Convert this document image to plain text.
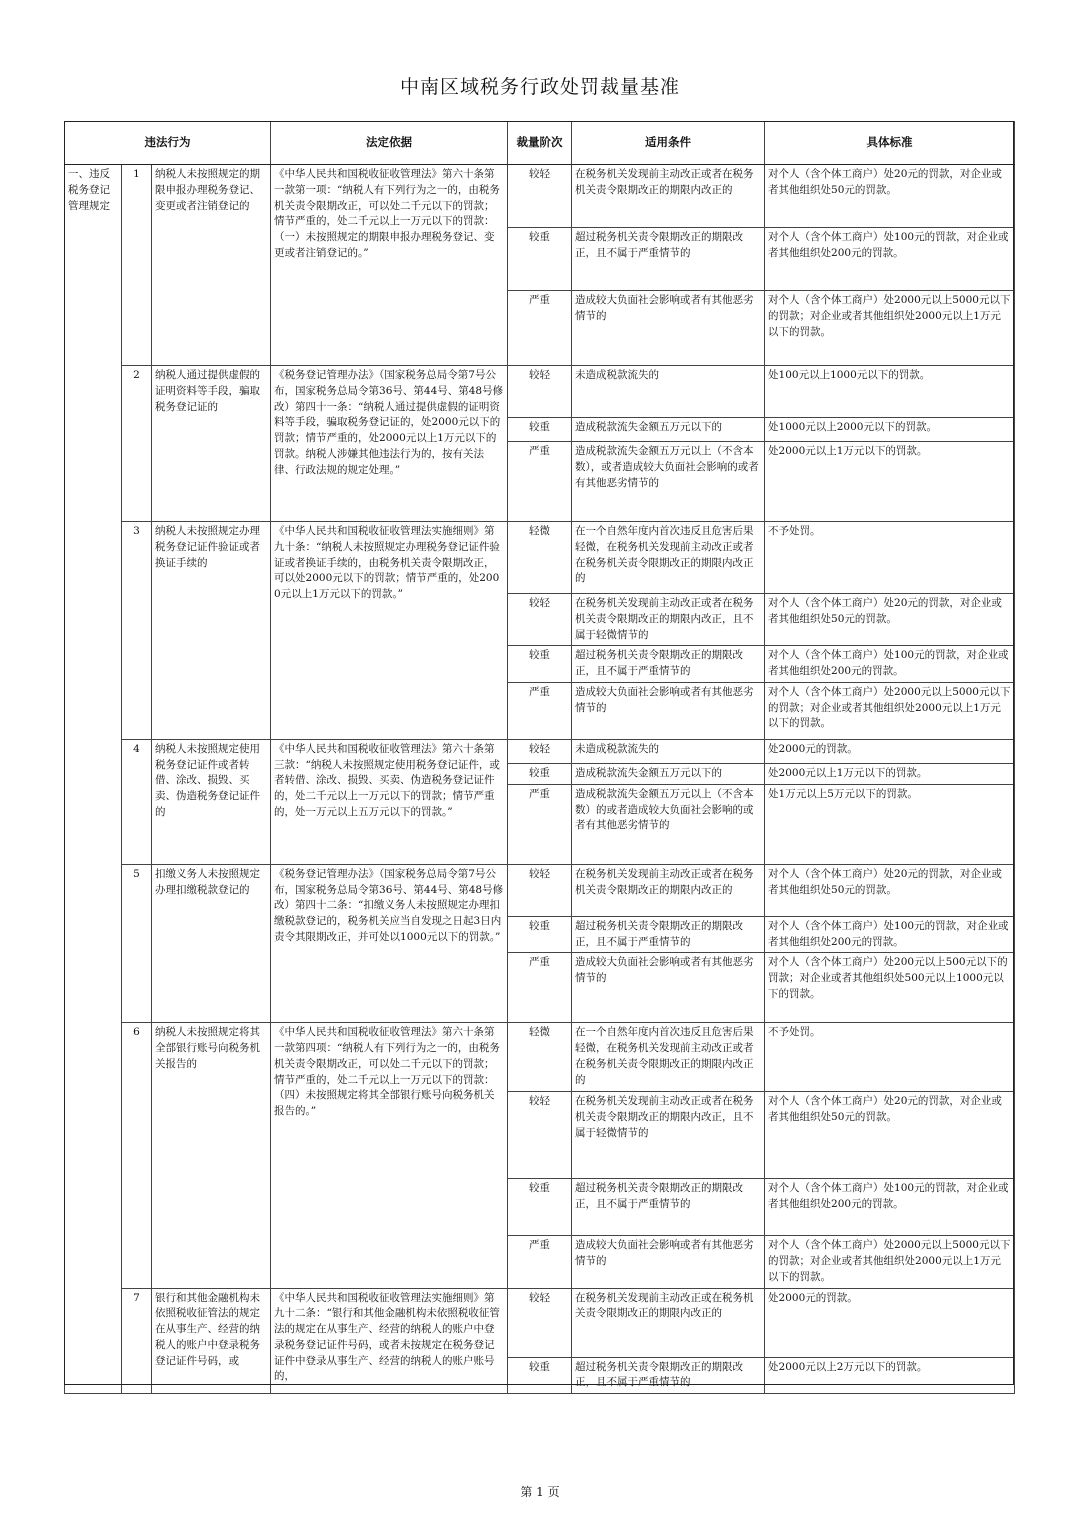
中南区域税务行政处罚裁量基准
违法行为			法定依据	裁量阶次	适用条件	具体标准
一、违反税务登记管理规定	1	纳税人未按照规定的期限申报办理税务登记、变更或者注销登记的	《中华人民共和国税收征收管理法》第六十条第一款第一项：“纳税人有下列行为之一的，由税务机关责令限期改正，可以处二千元以下的罚款；情节严重的，处二千元以上一万元以下的罚款：（一）未按照规定的期限申报办理税务登记、变更或者注销登记的。”	较轻	在税务机关发现前主动改正或者在税务机关责令限期改正的期限内改正的	对个人（含个体工商户）处20元的罚款，对企业或者其他组织处50元的罚款。
				较重	超过税务机关责令限期改正的期限改正，且不属于严重情节的	对个人（含个体工商户）处100元的罚款，对企业或者其他组织处200元的罚款。
				严重	造成较大负面社会影响或者有其他恶劣情节的	对个人（含个体工商户）处2000元以上5000元以下的罚款；对企业或者其他组织处2000元以上1万元以下的罚款。
	2	纳税人通过提供虚假的证明资料等手段，骗取税务登记证的	《税务登记管理办法》（国家税务总局令第7号公布，国家税务总局令第36号、第44号、第48号修改）第四十一条：“纳税人通过提供虚假的证明资料等手段，骗取税务登记证的，处2000元以下的罚款；情节严重的，处2000元以上1万元以下的罚款。纳税人涉嫌其他违法行为的，按有关法律、行政法规的规定处理。”	较轻	未造成税款流失的	处100元以上1000元以下的罚款。
				较重	造成税款流失金额五万元以下的	处1000元以上2000元以下的罚款。
				严重	造成税款流失金额五万元以上（不含本数），或者造成较大负面社会影响的或者有其他恶劣情节的	处2000元以上1万元以下的罚款。
	3	纳税人未按照规定办理税务登记证件验证或者换证手续的	《中华人民共和国税收征收管理法实施细则》第九十条：“纳税人未按照规定办理税务登记证件验证或者换证手续的，由税务机关责令限期改正，可以处2000元以下的罚款；情节严重的，处2000元以上1万元以下的罚款。”	轻微	在一个自然年度内首次违反且危害后果轻微，在税务机关发现前主动改正或者在税务机关责令限期改正的期限内改正的	不予处罚。
				较轻	在税务机关发现前主动改正或者在税务机关责令限期改正的期限内改正，且不属于轻微情节的	对个人（含个体工商户）处20元的罚款，对企业或者其他组织处50元的罚款。
				较重	超过税务机关责令限期改正的期限改正，且不属于严重情节的	对个人（含个体工商户）处100元的罚款，对企业或者其他组织处200元的罚款。
				严重	造成较大负面社会影响或者有其他恶劣情节的	对个人（含个体工商户）处2000元以上5000元以下的罚款；对企业或者其他组织处2000元以上1万元以下的罚款。
	4	纳税人未按照规定使用税务登记证件或者转借、涂改、损毁、买卖、伪造税务登记证件的	《中华人民共和国税收征收管理法》第六十条第三款：“纳税人未按照规定使用税务登记证件，或者转借、涂改、损毁、买卖、伪造税务登记证件的，处二千元以上一万元以下的罚款；情节严重的，处一万元以上五万元以下的罚款。”	较轻	未造成税款流失的	处2000元的罚款。
				较重	造成税款流失金额五万元以下的	处2000元以上1万元以下的罚款。
				严重	造成税款流失金额五万元以上（不含本数）的或者造成较大负面社会影响的或者有其他恶劣情节的	处1万元以上5万元以下的罚款。
	5	扣缴义务人未按照规定办理扣缴税款登记的	《税务登记管理办法》（国家税务总局令第7号公布，国家税务总局令第36号、第44号、第48号修改）第四十二条：“扣缴义务人未按照规定办理扣缴税款登记的，税务机关应当自发现之日起3日内责令其限期改正，并可处以1000元以下的罚款。”	较轻	在税务机关发现前主动改正或者在税务机关责令限期改正的期限内改正的	对个人（含个体工商户）处20元的罚款，对企业或者其他组织处50元的罚款。
				较重	超过税务机关责令限期改正的期限改正，且不属于严重情节的	对个人（含个体工商户）处100元的罚款，对企业或者其他组织处200元的罚款。
				严重	造成较大负面社会影响或者有其他恶劣情节的	对个人（含个体工商户）处200元以上500元以下的罚款；对企业或者其他组织处500元以上1000元以下的罚款。
	6	纳税人未按照规定将其全部银行账号向税务机关报告的	《中华人民共和国税收征收管理法》第六十条第一款第四项：“纳税人有下列行为之一的，由税务机关责令限期改正，可以处二千元以下的罚款；情节严重的，处二千元以上一万元以下的罚款：（四）未按照规定将其全部银行账号向税务机关报告的。”	轻微	在一个自然年度内首次违反且危害后果轻微，在税务机关发现前主动改正或者在税务机关责令限期改正的期限内改正的	不予处罚。
				较轻	在税务机关发现前主动改正或者在税务机关责令限期改正的期限内改正，且不属于轻微情节的	对个人（含个体工商户）处20元的罚款，对企业或者其他组织处50元的罚款。
				较重	超过税务机关责令限期改正的期限改正，且不属于严重情节的	对个人（含个体工商户）处100元的罚款，对企业或者其他组织处200元的罚款。
				严重	造成较大负面社会影响或者有其他恶劣情节的	对个人（含个体工商户）处2000元以上5000元以下的罚款；对企业或者其他组织处2000元以上1万元以下的罚款。
	7	银行和其他金融机构未依照税收征管法的规定在从事生产、经营的纳税人的账户中登录税务登记证件号码，或	《中华人民共和国税收征收管理法实施细则》第九十二条：“银行和其他金融机构未依照税收征管法的规定在从事生产、经营的纳税人的账户中登录税务登记证件号码，或者未按规定在税务登记证件中登录从事生产、经营的纳税人的账户账号的，	较轻	在税务机关发现前主动改正或在税务机关责令限期改正的期限内改正的	处2000元的罚款。
				较重	超过税务机关责令限期改正的期限改正，且不属于严重情节的	处2000元以上2万元以下的罚款。
第 1 页
